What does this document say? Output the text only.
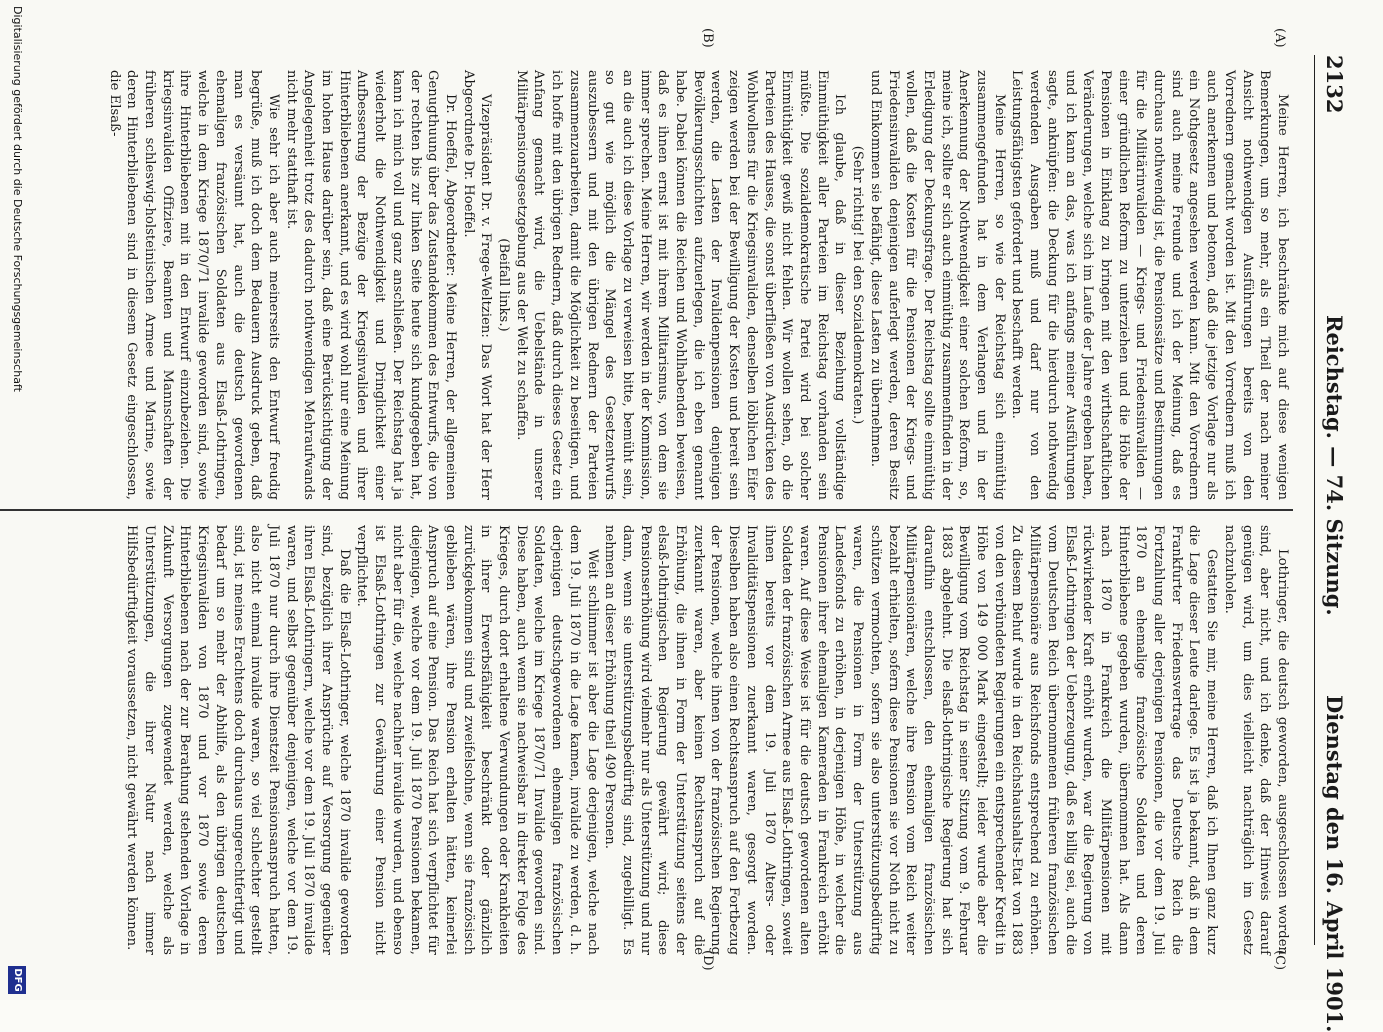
2132
Reichstag. — 74. Sitzung.
Dienstag den 16. April 1901.
(A)
(B)
(C)
(D)

Meine Herren, ich beschränke mich auf diese wenigen Bemerkungen, um so mehr, als ein Theil der nach meiner Ansicht nothwendigen Ausführungen bereits von den Vorrednern gemacht worden ist. Mit den Vorrednern muß ich auch anerkennen und betonen, daß die jetzige Vorlage nur als ein Nothgesetz angesehen werden kann. Mit den Vorrednern sind auch meine Freunde und ich der Meinung, daß es durchaus nothwendig ist, die Pensionssätze und Bestimmungen für die Militärinvaliden — Kriegs- und Friedensinvaliden — einer gründlichen Reform zu unterziehen und die Höhe der Pensionen in Einklang zu bringen mit den wirthschaftlichen Veränderungen, welche sich im Laufe der Jahre ergeben haben, und ich kann an das, was ich anfangs meiner Ausführungen sagte, anknüpfen: die Deckung für die hierdurch nothwendig werdenden Ausgaben muß und darf nur von den Leistungsfähigsten gefordert und beschafft werden.

Meine Herren, so wie der Reichstag sich einmüthig zusammengefunden hat in dem Verlangen und in der Anerkennung der Nothwendigkeit einer solchen Reform, so, meine ich, sollte er sich auch einmüthig zusammenfinden in der Erledigung der Deckungsfrage. Der Reichstag sollte einmüthig wollen, daß die Kosten für die Pensionen der Kriegs- und Friedensinvaliden denjenigen auferlegt werden, deren Besitz und Einkommen sie befähigt, diese Lasten zu übernehmen.

(Sehr richtig! bei den Sozialdemokraten.)

Ich glaube, daß in dieser Beziehung vollständige Einmüthigkeit aller Parteien im Reichstag vorhanden sein müßte. Die sozialdemokratische Partei wird bei solcher Einmüthigkeit gewiß nicht fehlen. Wir wollen sehen, ob die Parteien des Hauses, die sonst überfließen von Ausdrücken des Wohlwollens für die Kriegsinvaliden, denselben löblichen Eifer zeigen werden bei der Bewilligung der Kosten und bereit sein werden, die Lasten der Invalidenpensionen denjenigen Bevölkerungsschichten aufzuerlegen, die ich eben genannt habe. Dabei können die Reichen und Wohlhabenden beweisen, daß es ihnen ernst ist mit ihrem Militarismus, von dem sie immer sprechen. Meine Herren, wir werden in der Kommission, an die auch ich diese Vorlage zu verweisen bitte, bemüht sein, so gut wie möglich die Mängel des Gesetzentwurfs auszubessern und mit den übrigen Rednern der Parteien zusammenzuarbeiten, damit die Möglichkeit zu beseitigen, und ich hoffe mit den übrigen Rednern, daß durch dieses Gesetz ein Anfang gemacht wird, die Uebelstände in unserer Militärpensionsgesetzgebung aus der Welt zu schaffen.

(Beifall links.)

Vizepräsident Dr. v. Frege-Weltzien: Das Wort hat der Herr Abgeordnete Dr. Hoeffel.

Dr. Hoeffel, Abgeordneter: Meine Herren, der allgemeinen Genugthuung über das Zustandekommen des Entwurfs, die von der rechten bis zur linken Seite heute sich kundgegeben hat, kann ich mich voll und ganz anschließen. Der Reichstag hat ja wiederholt die Nothwendigkeit und Dringlichkeit einer Aufbesserung der Bezüge der Kriegsinvaliden und ihrer Hinterbliebenen anerkannt, und es wird wohl nur eine Meinung im hohen Hause darüber sein, daß eine Berücksichtigung der Angelegenheit trotz des dadurch nothwendigen Mehraufwands nicht mehr statthaft ist.

Wie sehr ich aber auch meinerseits den Entwurf freudig begrüße, muß ich doch dem Bedauern Ausdruck geben, daß man es versäumt hat, auch die deutsch gewordenen ehemaligen französischen Soldaten aus Elsaß-Lothringen, welche in dem Kriege 1870/71 invalide geworden sind, sowie ihre Hinterbliebenen mit in den Entwurf einzubeziehen. Die kriegsinvaliden Offiziere, Beamten und Mannschaften der früheren schleswig-holsteinischen Armee und Marine, sowie deren Hinterbliebenen sind in diesem Gesetz eingeschlossen, die Elsaß-

Lothringer, die deutsch geworden, ausgeschlossen worden sind, aber nicht, und ich denke, daß der Hinweis darauf genügen wird, um dies vielleicht nachträglich im Gesetz nachzuholen.

Gestatten Sie mir, meine Herren, daß ich Ihnen ganz kurz die Lage dieser Leute darlege. Es ist ja bekannt, daß in dem Frankfurter Friedensvertrage das Deutsche Reich die Fortzahlung aller derjenigen Pensionen, die vor dem 19. Juli 1870 an ehemalige französische Soldaten und deren Hinterbliebene gegeben wurden, übernommen hat. Als dann nach 1870 in Frankreich die Militärpensionen mit rückwirkender Kraft erhöht wurden, war die Regierung von Elsaß-Lothringen der Ueberzeugung, daß es billig sei, auch die vom Deutschen Reich übernommenen früheren französischen Militärpensionäre aus Reichsfonds entsprechend zu erhöhen. Zu diesem Behuf wurde in den Reichshaushalts-Etat von 1883 von den verbündeten Regierungen ein entsprechender Kredit in Höhe von 149 000 Mark eingestellt; leider wurde aber die Bewilligung vom Reichstag in seiner Sitzung vom 9. Februar 1883 abgelehnt. Die elsaß-lothringische Regierung hat sich daraufhin entschlossen, den ehemaligen französischen Militärpensionären, welche ihre Pension vom Reich weiter bezahlt erhielten, sofern diese Pensionen sie vor Noth nicht zu schützen vermochten, sofern sie also unterstützungsbedürftig waren, die Pensionen in Form der Unterstützung aus Landesfonds zu erhöhen, in derjenigen Höhe, in welcher die Pensionen ihrer ehemaligen Kameraden in Frankreich erhöht waren. Auf diese Weise ist für die deutsch gewordenen alten Soldaten der französischen Armee aus Elsaß-Lothringen, soweit ihnen bereits vor dem 19. Juli 1870 Alters- oder Invaliditätspensionen zuerkannt waren, gesorgt worden. Dieselben haben also einen Rechtsanspruch auf den Fortbezug der Pensionen, welche ihnen von der französischen Regierung zuerkannt waren, aber keinen Rechtsanspruch auf die Erhöhung, die ihnen in Form der Unterstützung seitens der elsaß-lothringischen Regierung gewährt wird; diese Pensionserhöhung wird vielmehr nur als Unterstützung und nur dann, wenn sie unterstützungsbedürftig sind, zugebilligt. Es nehmen an dieser Erhöhung theil 490 Personen.

Weit schlimmer ist aber die Lage derjenigen, welche nach dem 19. Juli 1870 in die Lage kamen, invalide zu werden, d. h. derjenigen deutschgewordenen ehemaligen französischen Soldaten, welche im Kriege 1870/71 Invalide geworden sind. Diese haben, auch wenn sie nachweisbar in direkter Folge des Krieges, durch dort erhaltene Verwundungen oder Krankheiten in ihrer Erwerbsfähigkeit beschränkt oder gänzlich zurückgekommen sind und zweifelsohne, wenn sie französisch geblieben wären, ihre Pension erhalten hätten, keinerlei Anspruch auf eine Pension. Das Reich hat sich verpflichtet für diejenigen, welche vor dem 19. Juli 1870 Pensionen bekamen, nicht aber für die, welche nachher invalide wurden, und ebenso ist Elsaß-Lothringen zur Gewährung einer Pension nicht verpflichtet.

Daß die Elsaß-Lothringer, welche 1870 invalide geworden sind, bezüglich ihrer Ansprüche auf Versorgung gegenüber ihren Elsaß-Lothringern, welche vor dem 19. Juli 1870 invalide waren, und selbst gegenüber denjenigen, welche vor dem 19. Juli 1870 nur durch ihre Dienstzeit Pensionsanspruch hatten, also nicht einmal invalide waren, so viel schlechter gestellt sind, ist meines Erachtens doch durchaus ungerechtfertigt und bedarf um so mehr der Abhilfe, als den übrigen deutschen Kriegsinvaliden von 1870 und vor 1870 sowie deren Hinterbliebenen nach der zur Berathung stehenden Vorlage in Zukunft Versorgungen zugewendet werden, welche als Unterstützungen, die ihrer Natur nach immer Hilfsbedürftigkeit voraussetzen, nicht gewährt werden können.

Digitalisierung gefördert durch die Deutsche Forschungsgemeinschaft
DFG
